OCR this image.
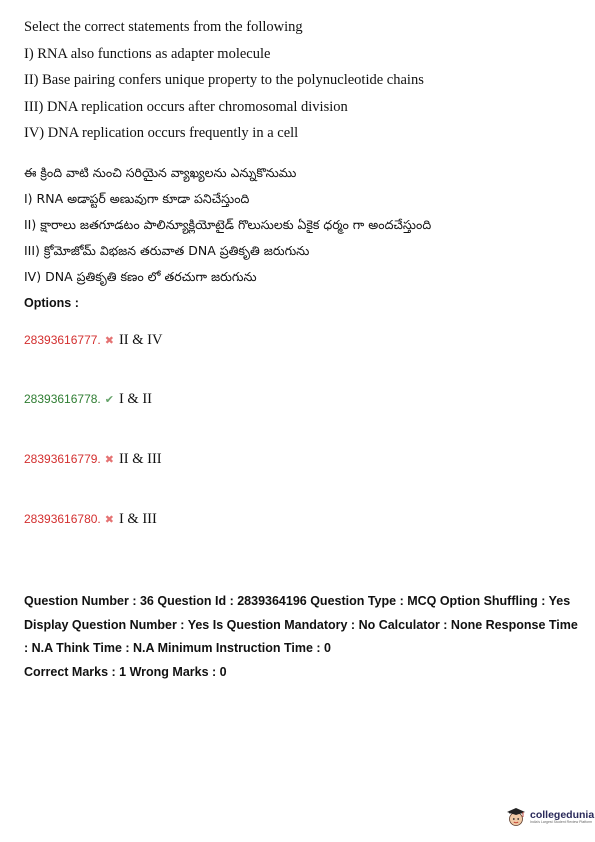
Select the correct statements from the following
I) RNA also functions as adapter molecule
II) Base pairing confers unique property to the polynucleotide chains
III) DNA replication occurs after chromosomal division
IV) DNA replication occurs frequently in a cell
ఈ క్రింది వాటి నుంచి సరియైన వ్యాఖ్యలను ఎన్నుకొనుము
I) RNA అడాప్టర్ అణువుగా కూడా పనిచేస్తుంది
II) క్షారాలు జతగూడటం పాలిన్యూక్లియోటైడ్ గొలుసులకు ఏకైక ధర్మం గా అందచేస్తుంది
III) క్రోమోజోమ్ విభజన తరువాత DNA ప్రతికృతి జరుగును
IV) DNA ప్రతికృతి కణం లో తరచుగా జరుగును
Options :
28393616777. ✖ II & IV
28393616778. ✔ I & II
28393616779. ✖ II & III
28393616780. ✖ I & III

Question Number : 36 Question Id : 2839364196 Question Type : MCQ Option Shuffling : Yes Display Question Number : Yes Is Question Mandatory : No Calculator : None Response Time : N.A Think Time : N.A Minimum Instruction Time : 0

Correct Marks : 1 Wrong Marks : 0

collegedunia
India's Largest Student Review Platform
